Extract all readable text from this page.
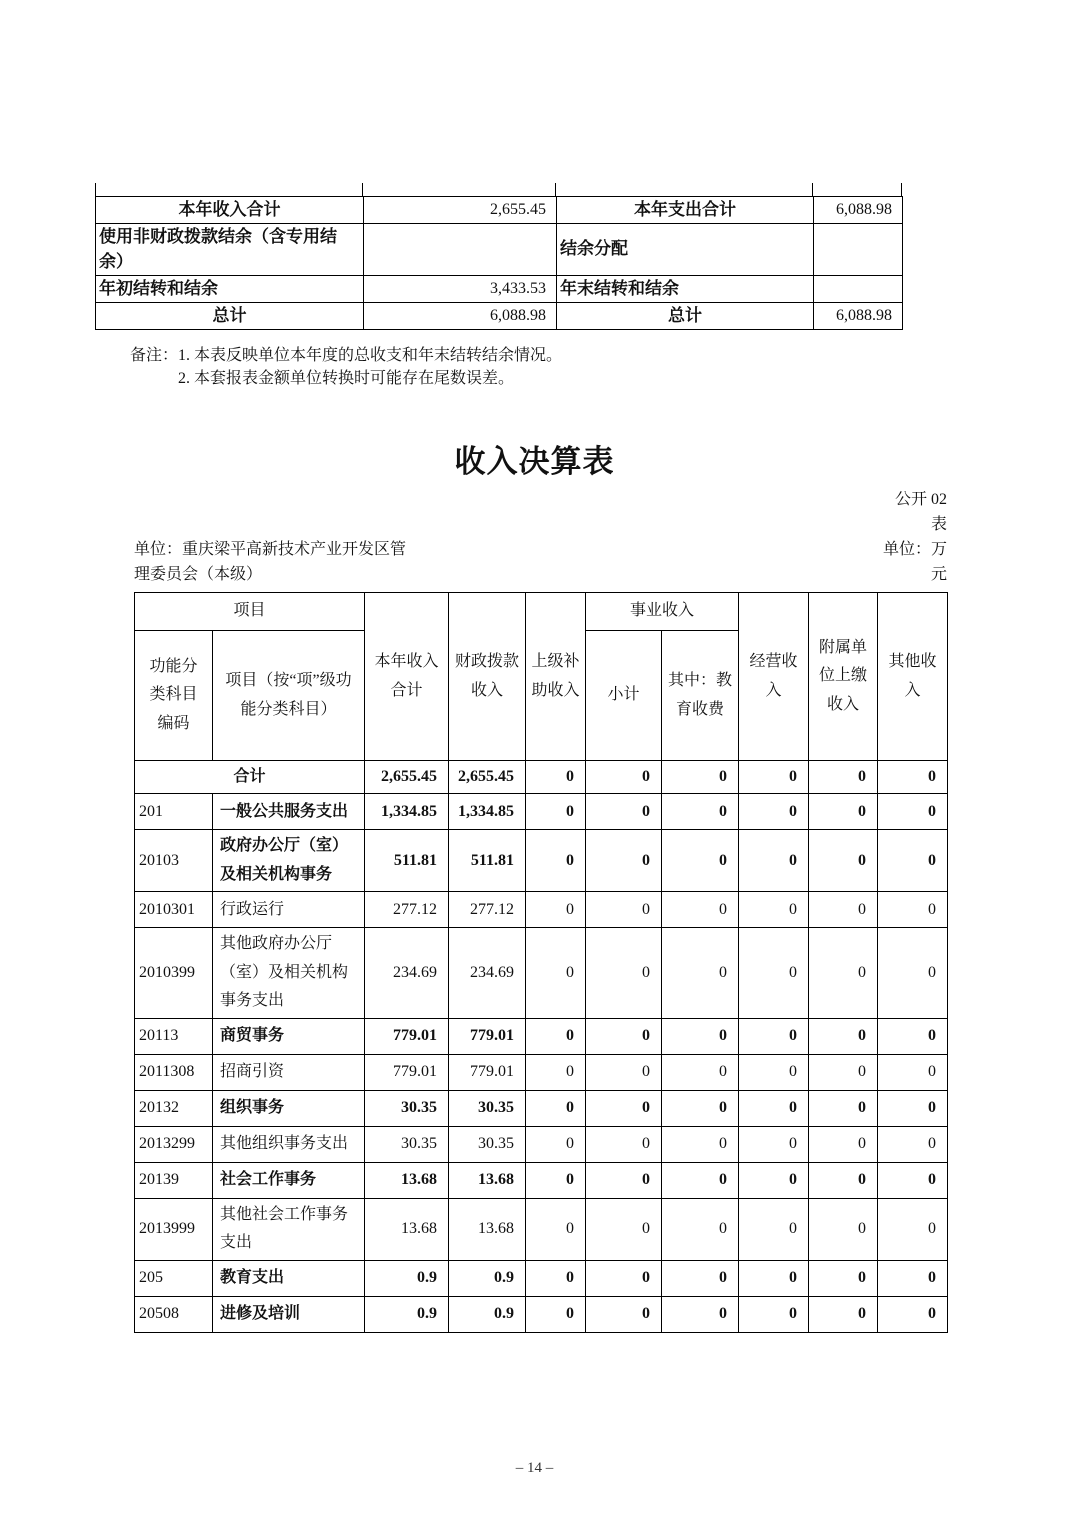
本年收入合计	2,655.45	本年支出合计	6,088.98
使用非财政拨款结余（含专用结余）		结余分配	
年初结转和结余	3,433.53	年末结转和结余	
总计	6,088.98	总计	6,088.98
备注：1. 本表反映单位本年度的总收支和年末结转结余情况。
2. 本套报表金额单位转换时可能存在尾数误差。
收入决算表
公开 02
表
单位：重庆梁平高新技术产业开发区管
理委员会（本级）
单位：万
元
项目		本年收入合计	财政拨款收入	上级补助收入	事业收入		经营收入	附属单位上缴收入	其他收入
功能分类科目编码	项目（按“项”级功能分类科目）				小计	其中：教育收费			
合计		2,655.45	2,655.45	0	0	0	0	0	0
201	一般公共服务支出	1,334.85	1,334.85	0	0	0	0	0	0
20103	政府办公厅（室）及相关机构事务	511.81	511.81	0	0	0	0	0	0
2010301	行政运行	277.12	277.12	0	0	0	0	0	0
2010399	其他政府办公厅（室）及相关机构事务支出	234.69	234.69	0	0	0	0	0	0
20113	商贸事务	779.01	779.01	0	0	0	0	0	0
2011308	招商引资	779.01	779.01	0	0	0	0	0	0
20132	组织事务	30.35	30.35	0	0	0	0	0	0
2013299	其他组织事务支出	30.35	30.35	0	0	0	0	0	0
20139	社会工作事务	13.68	13.68	0	0	0	0	0	0
2013999	其他社会工作事务支出	13.68	13.68	0	0	0	0	0	0
205	教育支出	0.9	0.9	0	0	0	0	0	0
20508	进修及培训	0.9	0.9	0	0	0	0	0	0
– 14 –
